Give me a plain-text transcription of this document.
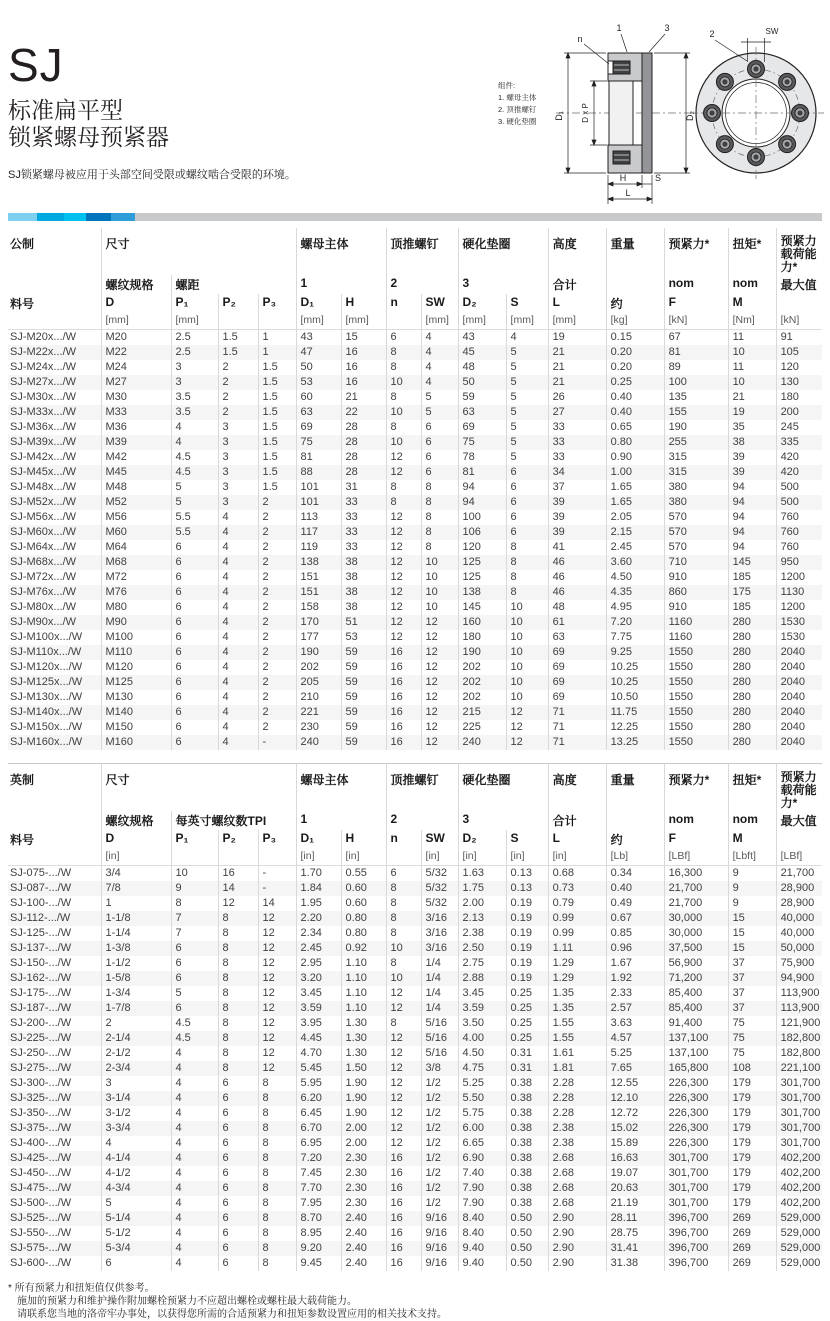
SJ
标准扁平型
锁紧螺母预紧器
SJ锁紧螺母被应用于头部空间受限或螺纹啮合受限的环境。
组件:
1. 螺母主体
2. 顶推螺钉
3. 硬化垫圈
D₁ D x P	D₂
H	S
L
n
1	3
2	SW
公制	尺寸				螺母主体		顶推螺钉		硬化垫圈		高度	重量	预紧力*	扭矩*	预紧力载荷能力*
	螺纹规格	螺距			1		2		3		合计		nom	nom	最大值
料号	D	P₁	P₂	P₃	D₁	H	n	SW	D₂	S	L	约	F	M	
	[mm]	[mm]			[mm]	[mm]		[mm]	[mm]	[mm]	[mm]	[kg]	[kN]	[Nm]	[kN]
SJ-M20x.../W	M20	2.5	1.5	1	43	15	6	4	43	4	19	0.15	67	11	91
SJ-M22x.../W	M22	2.5	1.5	1	47	16	8	4	45	5	21	0.20	81	10	105
SJ-M24x.../W	M24	3	2	1.5	50	16	8	4	48	5	21	0.20	89	11	120
SJ-M27x.../W	M27	3	2	1.5	53	16	10	4	50	5	21	0.25	100	10	130
SJ-M30x.../W	M30	3.5	2	1.5	60	21	8	5	59	5	26	0.40	135	21	180
SJ-M33x.../W	M33	3.5	2	1.5	63	22	10	5	63	5	27	0.40	155	19	200
SJ-M36x.../W	M36	4	3	1.5	69	28	8	6	69	5	33	0.65	190	35	245
SJ-M39x.../W	M39	4	3	1.5	75	28	10	6	75	5	33	0.80	255	38	335
SJ-M42x.../W	M42	4.5	3	1.5	81	28	12	6	78	5	33	0.90	315	39	420
SJ-M45x.../W	M45	4.5	3	1.5	88	28	12	6	81	6	34	1.00	315	39	420
SJ-M48x.../W	M48	5	3	1.5	101	31	8	8	94	6	37	1.65	380	94	500
SJ-M52x.../W	M52	5	3	2	101	33	8	8	94	6	39	1.65	380	94	500
SJ-M56x.../W	M56	5.5	4	2	113	33	12	8	100	6	39	2.05	570	94	760
SJ-M60x.../W	M60	5.5	4	2	117	33	12	8	106	6	39	2.15	570	94	760
SJ-M64x.../W	M64	6	4	2	119	33	12	8	120	8	41	2.45	570	94	760
SJ-M68x.../W	M68	6	4	2	138	38	12	10	125	8	46	3.60	710	145	950
SJ-M72x.../W	M72	6	4	2	151	38	12	10	125	8	46	4.50	910	185	1200
SJ-M76x.../W	M76	6	4	2	151	38	12	10	138	8	46	4.35	860	175	1130
SJ-M80x.../W	M80	6	4	2	158	38	12	10	145	10	48	4.95	910	185	1200
SJ-M90x.../W	M90	6	4	2	170	51	12	12	160	10	61	7.20	1160	280	1530
SJ-M100x.../W	M100	6	4	2	177	53	12	12	180	10	63	7.75	1160	280	1530
SJ-M110x.../W	M110	6	4	2	190	59	16	12	190	10	69	9.25	1550	280	2040
SJ-M120x.../W	M120	6	4	2	202	59	16	12	202	10	69	10.25	1550	280	2040
SJ-M125x.../W	M125	6	4	2	205	59	16	12	202	10	69	10.25	1550	280	2040
SJ-M130x.../W	M130	6	4	2	210	59	16	12	202	10	69	10.50	1550	280	2040
SJ-M140x.../W	M140	6	4	2	221	59	16	12	215	12	71	11.75	1550	280	2040
SJ-M150x.../W	M150	6	4	2	230	59	16	12	225	12	71	12.25	1550	280	2040
SJ-M160x.../W	M160	6	4	-	240	59	16	12	240	12	71	13.25	1550	280	2040
英制	尺寸				螺母主体		顶推螺钉		硬化垫圈		高度	重量	预紧力*	扭矩*	预紧力载荷能力*
	螺纹规格	每英寸螺纹数TPI			1		2		3		合计		nom	nom	最大值
料号	D	P₁	P₂	P₃	D₁	H	n	SW	D₂	S	L	约	F	M	
	[in]				[in]	[in]		[in]	[in]	[in]	[in]	[Lb]	[LBf]	[Lbft]	[LBf]
SJ-075-.../W	3/4	10	16	-	1.70	0.55	6	5/32	1.63	0.13	0.68	0.34	16,300	9	21,700
SJ-087-.../W	7/8	9	14	-	1.84	0.60	8	5/32	1.75	0.13	0.73	0.40	21,700	9	28,900
SJ-100-.../W	1	8	12	14	1.95	0.60	8	5/32	2.00	0.19	0.79	0.49	21,700	9	28,900
SJ-112-.../W	1-1/8	7	8	12	2.20	0.80	8	3/16	2.13	0.19	0.99	0.67	30,000	15	40,000
SJ-125-.../W	1-1/4	7	8	12	2.34	0.80	8	3/16	2.38	0.19	0.99	0.85	30,000	15	40,000
SJ-137-.../W	1-3/8	6	8	12	2.45	0.92	10	3/16	2.50	0.19	1.11	0.96	37,500	15	50,000
SJ-150-.../W	1-1/2	6	8	12	2.95	1.10	8	1/4	2.75	0.19	1.29	1.67	56,900	37	75,900
SJ-162-.../W	1-5/8	6	8	12	3.20	1.10	10	1/4	2.88	0.19	1.29	1.92	71,200	37	94,900
SJ-175-.../W	1-3/4	5	8	12	3.45	1.10	12	1/4	3.45	0.25	1.35	2.33	85,400	37	113,900
SJ-187-.../W	1-7/8	6	8	12	3.59	1.10	12	1/4	3.59	0.25	1.35	2.57	85,400	37	113,900
SJ-200-.../W	2	4.5	8	12	3.95	1.30	8	5/16	3.50	0.25	1.55	3.63	91,400	75	121,900
SJ-225-.../W	2-1/4	4.5	8	12	4.45	1.30	12	5/16	4.00	0.25	1.55	4.57	137,100	75	182,800
SJ-250-.../W	2-1/2	4	8	12	4.70	1.30	12	5/16	4.50	0.31	1.61	5.25	137,100	75	182,800
SJ-275-.../W	2-3/4	4	8	12	5.45	1.50	12	3/8	4.75	0.31	1.81	7.65	165,800	108	221,100
SJ-300-.../W	3	4	6	8	5.95	1.90	12	1/2	5.25	0.38	2.28	12.55	226,300	179	301,700
SJ-325-.../W	3-1/4	4	6	8	6.20	1.90	12	1/2	5.50	0.38	2.28	12.10	226,300	179	301,700
SJ-350-.../W	3-1/2	4	6	8	6.45	1.90	12	1/2	5.75	0.38	2.28	12.72	226,300	179	301,700
SJ-375-.../W	3-3/4	4	6	8	6.70	2.00	12	1/2	6.00	0.38	2.38	15.02	226,300	179	301,700
SJ-400-.../W	4	4	6	8	6.95	2.00	12	1/2	6.65	0.38	2.38	15.89	226,300	179	301,700
SJ-425-.../W	4-1/4	4	6	8	7.20	2.30	16	1/2	6.90	0.38	2.68	16.63	301,700	179	402,200
SJ-450-.../W	4-1/2	4	6	8	7.45	2.30	16	1/2	7.40	0.38	2.68	19.07	301,700	179	402,200
SJ-475-.../W	4-3/4	4	6	8	7.70	2.30	16	1/2	7.90	0.38	2.68	20.63	301,700	179	402,200
SJ-500-.../W	5	4	6	8	7.95	2.30	16	1/2	7.90	0.38	2.68	21.19	301,700	179	402,200
SJ-525-.../W	5-1/4	4	6	8	8.70	2.40	16	9/16	8.40	0.50	2.90	28.11	396,700	269	529,000
SJ-550-.../W	5-1/2	4	6	8	8.95	2.40	16	9/16	8.40	0.50	2.90	28.75	396,700	269	529,000
SJ-575-.../W	5-3/4	4	6	8	9.20	2.40	16	9/16	9.40	0.50	2.90	31.41	396,700	269	529,000
SJ-600-.../W	6	4	6	8	9.45	2.40	16	9/16	9.40	0.50	2.90	31.38	396,700	269	529,000
* 所有预紧力和扭矩值仅供参考。
施加的预紧力和维护操作附加螺栓预紧力不应超出螺栓或螺柱最大载荷能力。
请联系您当地的洛帝牢办事处，以获得您所需的合适预紧力和扭矩参数设置应用的相关技术支持。
